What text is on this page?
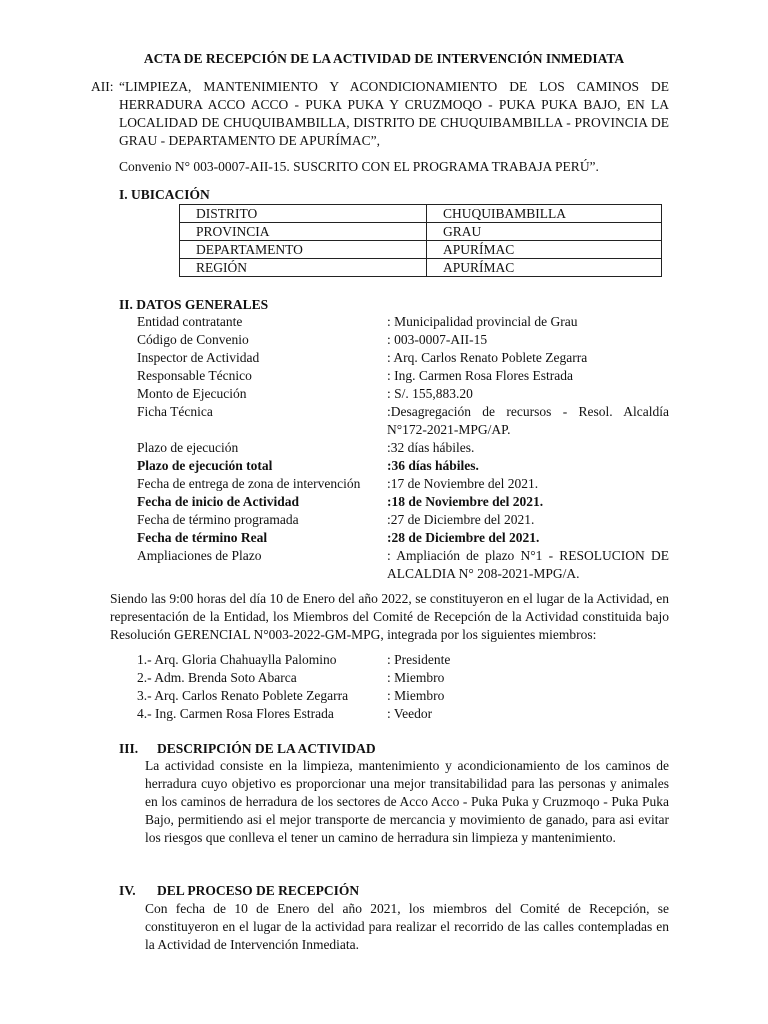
ACTA DE RECEPCIÓN DE LA ACTIVIDAD DE INTERVENCIÓN INMEDIATA
AII: “LIMPIEZA, MANTENIMIENTO Y ACONDICIONAMIENTO DE LOS CAMINOS DE HERRADURA ACCO ACCO - PUKA PUKA Y CRUZMOQO - PUKA PUKA BAJO, EN LA LOCALIDAD DE CHUQUIBAMBILLA, DISTRITO DE CHUQUIBAMBILLA - PROVINCIA DE GRAU - DEPARTAMENTO DE APURÍMAC”,
Convenio N° 003-0007-AII-15. SUSCRITO CON EL PROGRAMA TRABAJA PERÚ”.
I. UBICACIÓN
DISTRITO	CHUQUIBAMBILLA
PROVINCIA	GRAU
DEPARTAMENTO	APURÍMAC
REGIÓN	APURÍMAC
II. DATOS GENERALES
Entidad contratante	: Municipalidad provincial de Grau
Código de Convenio	: 003-0007-AII-15
Inspector de Actividad	: Arq. Carlos Renato Poblete Zegarra
Responsable Técnico	: Ing. Carmen Rosa Flores Estrada
Monto de Ejecución	: S/. 155,883.20
Ficha Técnica	:Desagregación de recursos - Resol. Alcaldía N°172-2021-MPG/AP.
Plazo de ejecución	:32 días hábiles.
Plazo de ejecución total	:36 días hábiles.
Fecha de entrega de zona de intervención	:17 de Noviembre del 2021.
Fecha de inicio de Actividad	:18 de Noviembre del 2021.
Fecha de término programada	:27 de Diciembre del 2021.
Fecha de término Real	:28 de Diciembre del 2021.
Ampliaciones de Plazo	: Ampliación de plazo N°1 - RESOLUCION DE ALCALDIA N° 208-2021-MPG/A.
Siendo las 9:00 horas del día 10 de Enero del año 2022, se constituyeron en el lugar de la Actividad, en representación de la Entidad, los Miembros del Comité de Recepción de la Actividad constituida bajo Resolución GERENCIAL N°003-2022-GM-MPG, integrada por los siguientes miembros:
1.- Arq. Gloria Chahuaylla Palomino	: Presidente
2.- Adm. Brenda Soto Abarca	: Miembro
3.- Arq. Carlos Renato Poblete Zegarra	: Miembro
4.- Ing. Carmen Rosa Flores Estrada	: Veedor
III. DESCRIPCIÓN DE LA ACTIVIDAD
La actividad consiste en la limpieza, mantenimiento y acondicionamiento de los caminos de herradura cuyo objetivo es proporcionar una mejor transitabilidad para las personas y animales en los caminos de herradura de los sectores de Acco Acco - Puka Puka y Cruzmoqo - Puka Puka Bajo, permitiendo asi el mejor transporte de mercancia y movimiento de ganado, para asi evitar los riesgos que conlleva el tener un camino de herradura sin limpieza y mantenimiento.
IV. DEL PROCESO DE RECEPCIÓN
Con fecha de 10 de Enero del año 2021, los miembros del Comité de Recepción, se constituyeron en el lugar de la actividad para realizar el recorrido de las calles contempladas en la Actividad de Intervención Inmediata.
